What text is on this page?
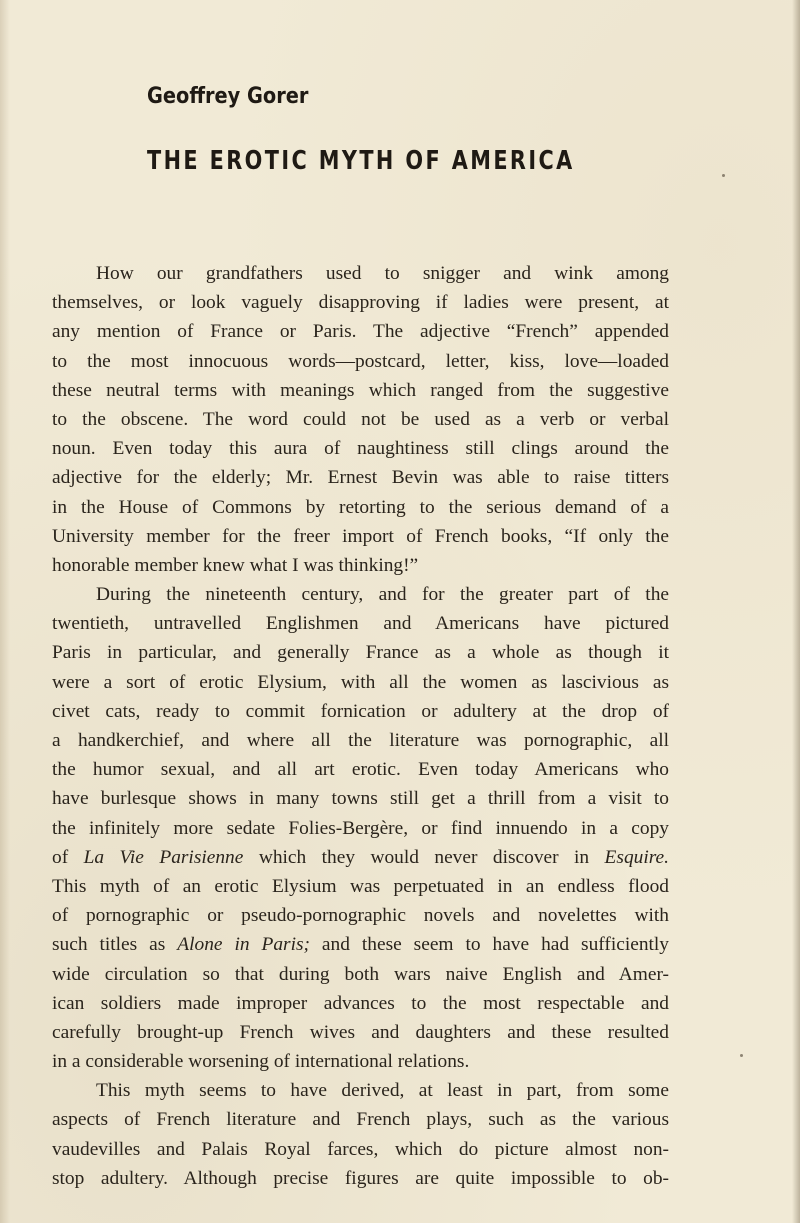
Geoffrey Gorer
THE EROTIC MYTH OF AMERICA
How our grandfathers used to snigger and wink among
themselves, or look vaguely disapproving if ladies were present, at
any mention of France or Paris. The adjective “French” appended
to the most innocuous words—postcard, letter, kiss, love—loaded
these neutral terms with meanings which ranged from the suggestive
to the obscene. The word could not be used as a verb or verbal
noun. Even today this aura of naughtiness still clings around the
adjective for the elderly; Mr. Ernest Bevin was able to raise titters
in the House of Commons by retorting to the serious demand of a
University member for the freer import of French books, “If only the
honorable member knew what I was thinking!”
During the nineteenth century, and for the greater part of the
twentieth, untravelled Englishmen and Americans have pictured
Paris in particular, and generally France as a whole as though it
were a sort of erotic Elysium, with all the women as lascivious as
civet cats, ready to commit fornication or adultery at the drop of
a handkerchief, and where all the literature was pornographic, all
the humor sexual, and all art erotic. Even today Americans who
have burlesque shows in many towns still get a thrill from a visit to
the infinitely more sedate Folies-Bergère, or find innuendo in a copy
of La Vie Parisienne which they would never discover in Esquire.
This myth of an erotic Elysium was perpetuated in an endless flood
of pornographic or pseudo-pornographic novels and novelettes with
such titles as Alone in Paris; and these seem to have had sufficiently
wide circulation so that during both wars naive English and Amer-
ican soldiers made improper advances to the most respectable and
carefully brought-up French wives and daughters and these resulted
in a considerable worsening of international relations.
This myth seems to have derived, at least in part, from some
aspects of French literature and French plays, such as the various
vaudevilles and Palais Royal farces, which do picture almost non-
stop adultery. Although precise figures are quite impossible to ob-
